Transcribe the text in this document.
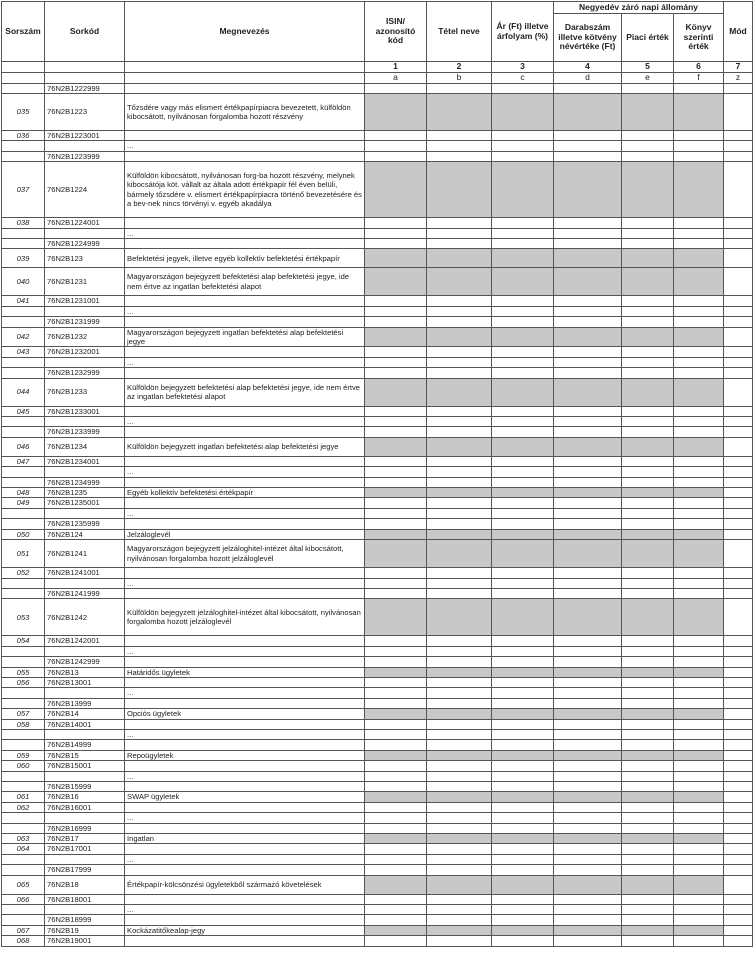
Sorszám	Sorkód	Megnevezés	ISIN/ azonosító kód	Tétel neve	Ár (Ft) illetve árfolyam (%)	Negyedév záró napi állomány			Mód
						Darabszám illetve kötvény névértéke (Ft)	Piaci érték	Könyv szerinti érték	
			1	2	3	4	5	6	7
			a	b	c	d	e	f	z
	76N2B1222999								
035	76N2B1223	Tőzsdére vagy más elismert értékpapírpiacra bevezetett, külföldön kibocsátott, nyilvánosan forgalomba hozott részvény							
036	76N2B1223001								
		...							
	76N2B1223999								
037	76N2B1224	Külföldön kibocsátott, nyilvánosan forg-ba hozott részvény, melynek kibocsátója köt. vállalt az általa adott értékpapír fél éven belüli, bármely tőzsdére v. elismert értékpapírpiacra történő bevezetésére és a bev-nek nincs törvényi v. egyéb akadálya							
038	76N2B1224001								
		...							
	76N2B1224999								
039	76N2B123	Befektetési jegyek, illetve egyéb kollektív befektetési értékpapír							
040	76N2B1231	Magyarországon bejegyzett befektetési alap befektetési jegye, ide nem értve az ingatlan befektetési alapot							
041	76N2B1231001								
		...							
	76N2B1231999								
042	76N2B1232	Magyarországon bejegyzett ingatlan befektetési alap befektetési jegye							
043	76N2B1232001								
		...							
	76N2B1232999								
044	76N2B1233	Külföldön bejegyzett befektetési alap befektetési jegye, ide nem értve az ingatlan befektetési alapot							
045	76N2B1233001								
		...							
	76N2B1233999								
046	76N2B1234	Külföldön bejegyzett ingatlan befektetési alap befektetési jegye							
047	76N2B1234001								
		...							
	76N2B1234999								
048	76N2B1235	Egyéb kollektív befektetési értékpapír							
049	76N2B1235001								
		...							
	76N2B1235999								
050	76N2B124	Jelzáloglevél							
051	76N2B1241	Magyarországon bejegyzett jelzáloghitel-intézet által kibocsátott, nyilvánosan forgalomba hozott jelzáloglevél							
052	76N2B1241001								
		...							
	76N2B1241999								
053	76N2B1242	Külföldön bejegyzett jelzáloghitel-intézet által kibocsátott, nyilvánosan forgalomba hozott jelzáloglevél							
054	76N2B1242001								
		...							
	76N2B1242999								
055	76N2B13	Határidős ügyletek							
056	76N2B13001								
		...							
	76N2B13999								
057	76N2B14	Opciós ügyletek							
058	76N2B14001								
		...							
	76N2B14999								
059	76N2B15	Repoügyletek							
060	76N2B15001								
		...							
	76N2B15999								
061	76N2B16	SWAP ügyletek							
062	76N2B16001								
		...							
	76N2B16999								
063	76N2B17	Ingatlan							
064	76N2B17001								
		...							
	76N2B17999								
065	76N2B18	Értékpapír-kölcsönzési ügyletekből származó követelések							
066	76N2B18001								
		...							
	76N2B18999								
067	76N2B19	Kockázatitőkealap-jegy							
068	76N2B19001								
